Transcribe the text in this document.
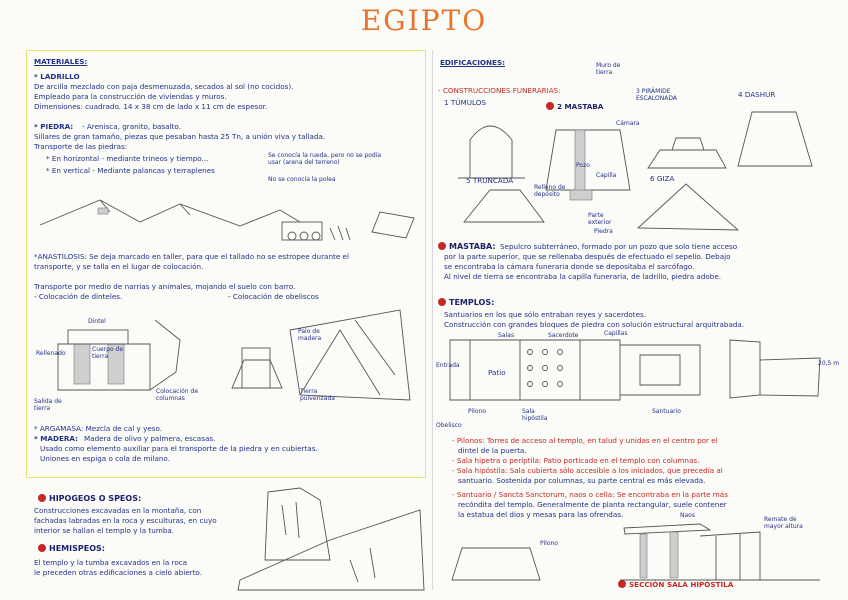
EGIPTO
MATERIALES:
* LADRILLO
De arcilla mezclado con paja desmenuzada, secados al sol (no cocidos).
Empleado para la construcción de viviendas y muros.
Dimensiones: cuadrado. 14 x 38 cm de lado x 11 cm de espesor.
* PIEDRA: - Arenisca, granito, basalto.
Sillares de gran tamaño, piezas que pesaban hasta 25 Tn, a unión viva y tallada.
Transporte de las piedras:
* En horizontal - mediante trineos y tiempo...	Se conocía la rueda, pero no se podía usar (arena del terreno)
* En vertical - Mediante palancas y terraplenes
No se conocía la polea
*ANASTILOSIS: Se deja marcado en taller, para que el tallado no se estropee durante el
transporte, y se talla en el lugar de colocación.
Transporte por medio de narrias y animales, mojando el suelo con barro.
- Colocación de dinteles.	- Colocación de obeliscos
Dintel
Cuerpo de tierra
Rellenado
Colocación de columnas
Salida de tierra
Palo de madera
Tierra pulverizada
* ARGAMASA: Mezcla de cal y yeso.
* MADERA: Madera de olivo y palmera, escasas.
Usado como elemento auxiliar para el transporte de la piedra y en cubiertas.
Uniones en espiga o cola de milano.
HIPOGEOS O SPEOS:
Construcciones excavadas en la montaña, con
fachadas labradas en la roca y esculturas, en cuyo
interior se hallan el templo y la tumba.
HEMISPEOS:
El templo y la tumba excavados en la roca
le preceden otras edificaciones a cielo abierto.
EDIFICACIONES:	Muro de tierra
- CONSTRUCCIONES FUNERARIAS:
1 TÚMULOS	2 MASTABA
3 PIRÁMIDE ESCALONADA	4 DASHUR
Cámara
5 TRUNCADA
Capilla
Pozo
6 GIZA
Relleno de depósito
Parte exterior
Piedra
MASTABA: Sepulcro subterráneo, formado por un pozo que solo tiene acceso
por la parte superior, que se rellenaba después de efectuado el sepelio. Debajo
se encontraba la cámara funeraria donde se depositaba el sarcófago.
Al nivel de tierra se encontraba la capilla funeraria, de ladrillo, piedra adobe.
TEMPLOS:
Santuarios en los que sólo entraban reyes y sacerdotes.
Construcción con grandes bloques de piedra con solución estructural arquitrabada.
Salas	Capillas
Sacerdote
Entrada
Patio
Pilono	Sala hipóstila
Santuario
Obelisco
20,5 m
- Pilonos: Torres de acceso al templo, en talud y unidas en el centro por el
dintel de la puerta.
- Sala hipetra o períptila: Patio porticado en el templo con columnas.
- Sala hipóstila: Sala cubierta sólo accesible a los iniciados, que precedía al
santuario. Sostenida por columnas, su parte central es más elevada.
- Santuario / Sancta Sanctorum, naos o cella: Se encontraba en la parte más
recóndita del templo. Generalmente de planta rectangular, suele contener
la estatua del dios y mesas para las ofrendas.
Pilono
Remate de mayor altura
Naos
SECCIÓN SALA HIPÓSTILA
